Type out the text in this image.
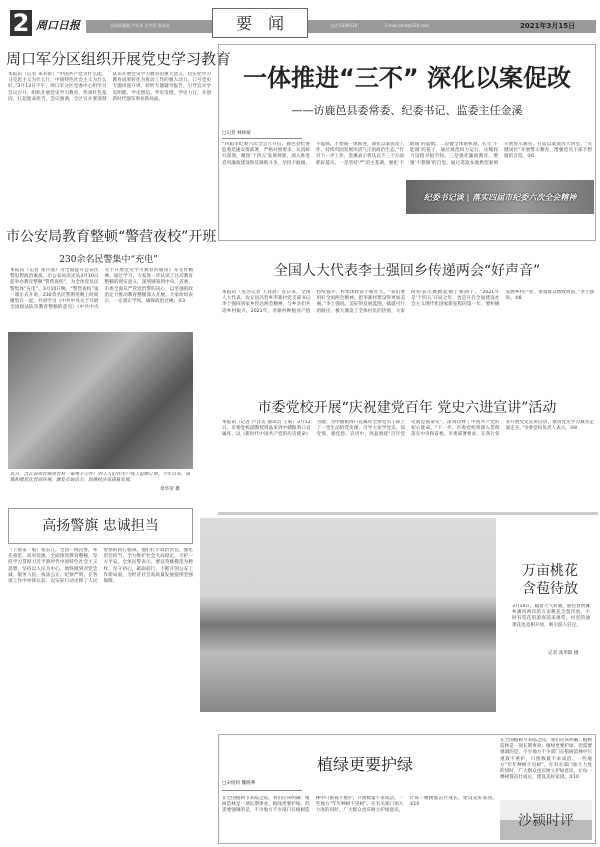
2 周口日报	总值班编辑 卢军本 吴宇青 张星星	要　闻	电话 8399518	E-mail:zkrb@126.com	2021年3月15日
周口军分区组织开展党史学习教育
本报讯（记者 朱永新）“中国共产党为什么能，马克思主义为什么行，中国特色社会主义为什么好。”3月13日下午，周口军分区党委中心组学习会议召开，组织开展党史学习教育，传承红色基因，扛起使命担当。会议强调，全区官兵要深刻认识开展党史学习教育的重大意义，切实把学习教育成果转化为推动工作的强大动力。口号党史专题讲座开讲，聆听专题辅导报告，引导官兵学史明理、学史增信、学史崇德、学史力行，开创新时代强军事业新局面。
市公安局教育整顿“警营夜校”开班
230余名民警集中“充电”
本报讯（记者 张兵迪）为全面提升公安民警思想政治素质，市公安局决定从3月10日起举办教育整顿“警营夜校”，为全体党员民警集体“充电”。3月10日晚，“警营夜校”第一课正式开讲，230余名民警利用晚上时间聚集在一起，共同学习《中共中央关于开展全国政法队伍教育整顿的意见》《中共中央关于开展党史学习教育的通知》等文件精神。通过学习，大家进一步认识了这次教育整顿的现实意义，深刻感知到中央、省委、市委全面从严管党治警的决心，以坚强的政治定力推动教育整顿深入开展。大家纷纷表示，一定端正学风，确保政治过硬。②3
近日，沈丘县周营镇周营村一家电子元件厂的工人们在生产线上赶制订单。今年以来，该镇积极优化营商环境，激发市场活力，助推经济高质量发展。
余华荣 摄
高扬警旗 忠诚担当
（上接第一版）张长江，全县一线民警，率先垂范，高举党旗，全面推进教育整顿，坚持学习贯彻习近平新时代中国特色社会主义思想，坚持以人民为中心，始终做到对党忠诚、服务人民、执法公正、纪律严明。在各项工作中冲锋在前，以实际行动诠释了人民警察的初心使命。他们扛牢政治责任，强化责任担当，全力维护社会大局稳定，守护一方平安。全体民警表示，要以英雄模范为榜样，坚守初心，砥砺前行，不断开创公安工作新局面，为经济社会高质量发展提供坚强保障。
一体推进“三不” 深化以案促改
——访鹿邑县委常委、纪委书记、监委主任金溪
□记者 林林斌
“四届市纪委六次全会召开后，鹿邑县纪委监委迅速安排部署，严格对照要求，认真研究谋划，聚焦‘十四五’发展规划，深入推进党风廉政建设和反腐败斗争，坚持不敢腐、不能腐、不想腐一体推进，深化以案促改工作，持续巩固发展风清气正的政治生态。”针对下一步工作，金溪表示将从以下三个方面抓好落实。一是坚持‘严’的主基调，强化‘不敢腐’的震慑。二是健全体制机制，扎牢‘不能腐’的笼子，通过规范权力运行，压缩权力设租寻租空间。三是强化廉政教育，增强‘不想腐’的自觉，通过选取本地典型案例开展警示教育，打造以案促改大讲堂。“关键岗位”开展警示教育，增强党员干部不想腐的自觉。②6
纪委书记谈 | 落实四届市纪委六次全会精神
全国人大代表李士强回乡传递两会“好声音”
本报讯（见习记者 王晨晨）连日来，全国人大代表、沈丘县冯营乡李寨村党支部书记李士强回到家乡传达两会精神，与乡亲们共话乡村振兴。2021年，李寨村种植业产值持续提升，村集体经济不断壮大。“我们要用好全国两会精神，把李寨村建设得更加美丽。”李士强说。美好的发展蓝图，铺就可行的路径，极大激发了全体村民的热情，大家纷纷表示要撸起袖子加油干。“2021年是‘十四五’开局之年，也是开启全面建设社会主义现代化国家新征程的第一年，要积极发展乡村产业，带领群众增收致富。”李士强说。②8
市委党校开展“庆祝建党百年 党史六进宣讲”活动
本报讯（记者 卢诗美 通讯员 王威）3月12日，市委党校副教授周晶来到中储粮周口直属库，以《新时代中国共产党的历史使命》为题，为中储粮周口直属库全体党员干部上了一堂生动的党史课，引导大家学党史、知党情、感党恩。宣讲中，周晶围绕“百年党史就是使命史”，深刻诠释了中国共产党的初心使命。“下一步，市委党校将深入贯彻落实中央和省委、市委部署要求，在各行各业开展党史宣讲活动，推动党史学习教育走深走实。”市委党校负责人表示。②8
万亩桃花
含苞待放
3月14日，随着天气转暖，鹿邑县贾滩乡潘河两岸的万亩桃花含苞待放，不时有赏花的游客前来观赏。村里的油菜花也竞相开放，吸引游人驻足。
记者 高华阳 摄
植绿更要护绿
□宋煜轲 魏晓華
在全国植树节来临之际，我们应该明确：植树造林是一项长期事业，植绿更要护绿。但需要强调的是，不少地方不少部门在植树造林中只重栽不重护，只图数量不求成活。一些地方“年年种树不见树”。在有关部门加大力度的同时，广大群众也应树立护绿意识，让每一棵树都茁壮成长，建设美好家园。②10
在全国植树节来临之际，我们应该明确：植树造林是一项长期事业，植绿更要护绿。但需要强调的是，不少地方不少部门在植树造林中只重栽不重护，只图数量不求成活。一些地方“年年种树不见树”。在有关部门加大力度的同时，广大群众也应树立护绿意识，让每一棵树都茁壮成长，建设美好家园。②10
沙颍时评
